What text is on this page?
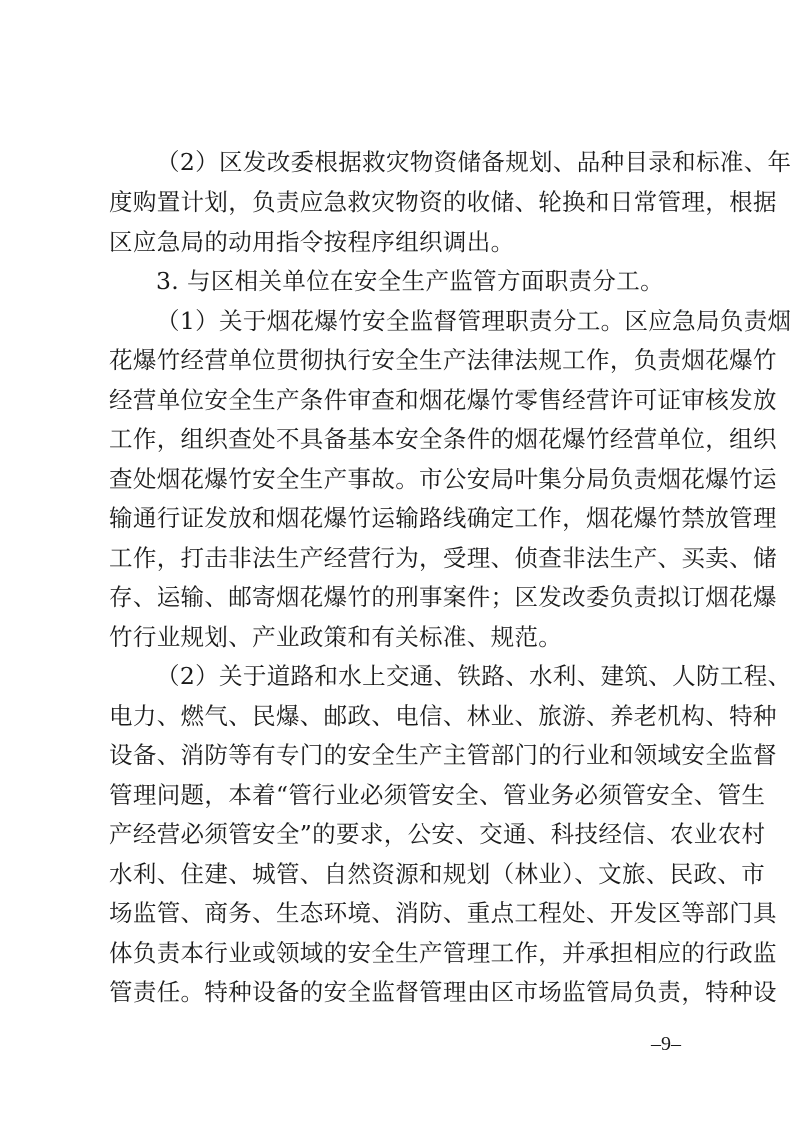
（2）区发改委根据救灾物资储备规划、品种目录和标准、年
度购置计划，负责应急救灾物资的收储、轮换和日常管理，根据
区应急局的动用指令按程序组织调出。
3. 与区相关单位在安全生产监管方面职责分工。
（1）关于烟花爆竹安全监督管理职责分工。区应急局负责烟
花爆竹经营单位贯彻执行安全生产法律法规工作，负责烟花爆竹
经营单位安全生产条件审查和烟花爆竹零售经营许可证审核发放
工作，组织查处不具备基本安全条件的烟花爆竹经营单位，组织
查处烟花爆竹安全生产事故。市公安局叶集分局负责烟花爆竹运
输通行证发放和烟花爆竹运输路线确定工作，烟花爆竹禁放管理
工作，打击非法生产经营行为，受理、侦查非法生产、买卖、储
存、运输、邮寄烟花爆竹的刑事案件；区发改委负责拟订烟花爆
竹行业规划、产业政策和有关标准、规范。
（2）关于道路和水上交通、铁路、水利、建筑、人防工程、
电力、燃气、民爆、邮政、电信、林业、旅游、养老机构、特种
设备、消防等有专门的安全生产主管部门的行业和领域安全监督
管理问题，本着“管行业必须管安全、管业务必须管安全、管生
产经营必须管安全”的要求，公安、交通、科技经信、农业农村
水利、住建、城管、自然资源和规划（林业）、文旅、民政、市
场监管、商务、生态环境、消防、重点工程处、开发区等部门具
体负责本行业或领域的安全生产管理工作，并承担相应的行政监
管责任。特种设备的安全监督管理由区市场监管局负责，特种设
–9–
